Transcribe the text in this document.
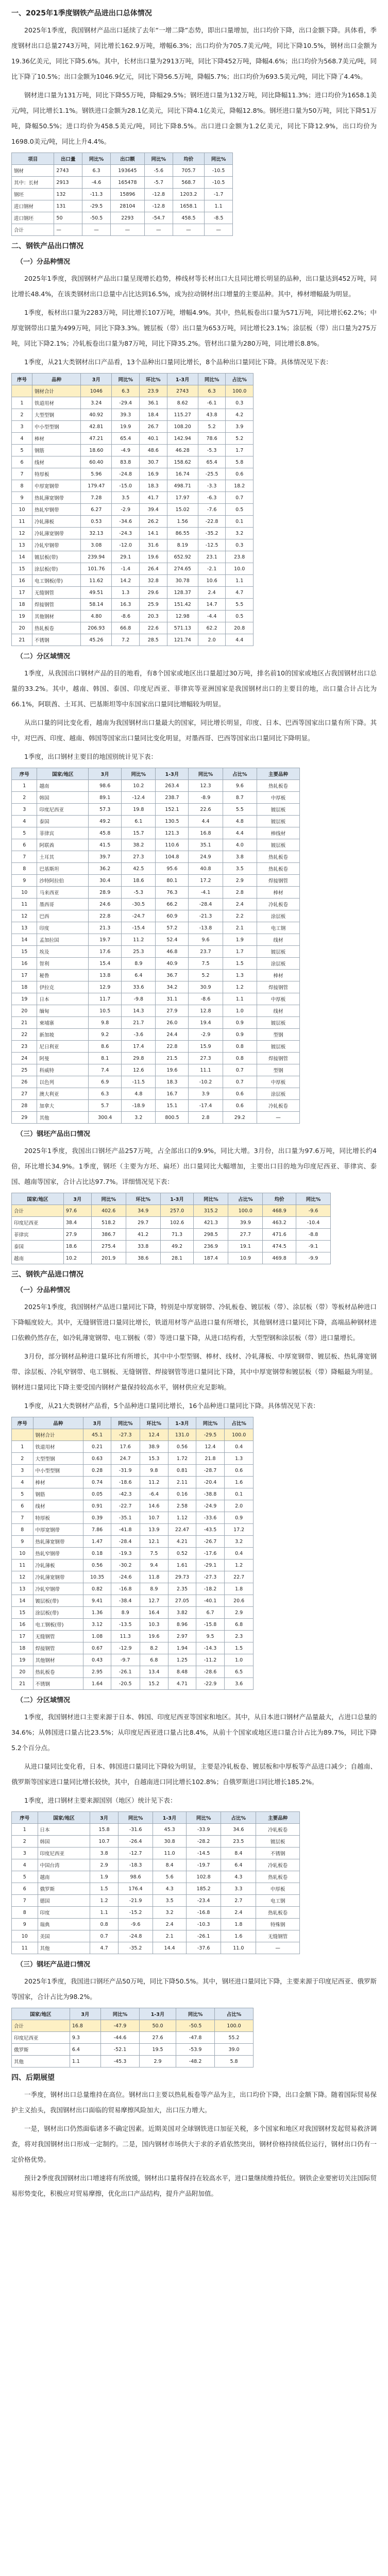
一、2025年1季度钢铁产品进出口总体情况

2025年1季度，我国钢材产品出口延续了去年“一增二降”态势，即出口量增加，出口均价下降，出口金额下降。具体看，季度钢材出口总量2743万吨，同比增长162.9万吨，增幅6.3%；出口均价为705.7美元/吨，同比下降10.5%，钢材出口金额为19.36亿美元，同比下降5.6%。其中，长材出口量为2913万吨，同比下降452万吨，降幅4.6%；出口均价为568.7美元/吨，同比下降了10.5%；出口金额为1046.9亿元，同比下降56.5万吨，降幅5.7%；出口均价为693.5美元/吨，同比下降了4.4%。

钢材进口量为131万吨，同比下降55万吨，降幅29.5%；钢坯进口量为132万吨，同比降幅11.3%；进口均价为1658.1美元/吨，同比增长1.1%。钢铁进口金额为28.1亿美元，同比下降4.1亿美元，降幅12.8%。钢坯进口量为50万吨，同比下降51万吨，降幅50.5%；进口均价为458.5美元/吨，同比下降8.5%。出口进口金额为1.2亿美元，同比下降12.9%，出口均价为1698.0美元/吨，同比上升4.4%。

项目	出口量	同比%	出口额	同比%	均价	同比%
钢材	2743	6.3	193645	-5.6	705.7	-10.5
其中：长材	2913	-4.6	165478	-5.7	568.7	-10.5
钢坯	132	-11.3	15896	-12.8	1203.2	-1.7
进口钢材	131	-29.5	28104	-12.8	1658.1	1.1
进口钢坯	50	-50.5	2293	-54.7	458.5	-8.5
合计	—	—	—	—	—	—
二、钢铁产品出口情况
（一）分品种情况

2025年1季度，我国钢材产品出口量呈现增长趋势，棒线材等长材出口大且同比增长明显的品种，出口量达到452万吨，同比增长48.4%，在该类钢材出口总量中占比达到16.5%，成为拉动钢材出口增量的主要品种。其中，棒材增幅最为明显。

1季度，板材出口量为2283万吨，同比增长107万吨，增幅4.9%。其中，热轧板卷出口量为571万吨，同比增长62.2%；中厚宽钢带出口量为499万吨，同比下降3.3%。镀层板（带）出口量为653万吨，同比增长23.1%；涂层板（带）出口量为275万吨，同比下降2.1%；冷轧板卷出口量为87万吨，同比下降35.2%。管材出口量为280万吨，同比增长8.8%。

1季度，从21大类钢材出口产品看，13个品种出口量同比增长，8个品种出口量同比下降。具体情况见下表：

序号	品种	3月	同比%	环比%	1-3月	同比%	占比%
	钢材合计	1046	6.3	23.9	2743	6.3	100.0
1	铁道用材	3.24	-29.4	36.1	8.62	-6.1	0.3
2	大型型钢	40.92	39.3	18.4	115.27	43.8	4.2
3	中小型型钢	42.81	19.9	26.7	108.20	5.2	3.9
4	棒材	47.21	65.4	40.1	142.94	78.6	5.2
5	钢筋	18.60	-4.9	48.6	46.28	-5.3	1.7
6	线材	60.40	83.8	30.7	158.62	65.4	5.8
7	特厚板	5.96	-24.8	16.9	16.74	-25.5	0.6
8	中厚宽钢带	179.47	-15.0	18.3	498.71	-3.3	18.2
9	热轧薄宽钢带	7.28	3.5	41.7	17.97	-6.3	0.7
10	热轧窄钢带	6.27	-2.9	39.4	15.02	-7.6	0.5
11	冷轧薄板	0.53	-34.6	26.2	1.56	-22.8	0.1
12	冷轧薄宽钢带	32.13	-24.3	14.1	86.55	-35.2	3.2
13	冷轧窄钢带	3.08	-12.0	31.6	8.19	-12.5	0.3
14	镀层板(带)	239.94	29.1	19.6	652.92	23.1	23.8
15	涂层板(带)	101.76	-1.4	26.4	274.65	-2.1	10.0
16	电工钢板(带)	11.62	14.2	32.8	30.78	10.6	1.1
17	无缝钢管	49.51	1.3	29.6	128.37	2.4	4.7
18	焊接钢管	58.14	16.3	25.9	151.42	14.7	5.5
19	其他钢材	4.80	-8.6	20.3	12.98	-4.4	0.5
20	热轧板卷	206.93	66.8	22.6	571.13	62.2	20.8
21	不锈钢	45.26	7.2	28.5	121.74	2.0	4.4
（二）分区域情况

1季度，从我国出口钢材产品的目的地看，有8个国家或地区出口量超过30万吨，排名前10的国家或地区占我国钢材出口总量的33.2%。其中，越南、韩国、泰国、印度尼西亚、菲律宾等亚洲国家是我国钢材出口的主要目的地，出口量合计占比为66.1%，阿联酋、土耳其、巴基斯坦等中东国家出口量同比增幅较为明显。

从出口量的同比变化看，越南为我国钢材出口量最大的国家，同比增长明显，印度、日本、巴西等国家出口量有所下降。其中，对巴西、印度、越南、韩国等国家出口量同比变化明显，对墨西哥、巴西等国家出口量同比下降明显。

1季度，出口钢材主要目的地国别统计见下表：

序号	国家/地区	3月	同比%	1-3月	同比%	占比%	主要品种
1	越南	98.6	10.2	263.4	12.3	9.6	热轧板卷
2	韩国	89.1	-12.4	238.7	-8.9	8.7	中厚板
3	印度尼西亚	57.3	19.8	152.1	22.6	5.5	镀层板
4	泰国	49.2	6.1	130.5	4.4	4.8	镀层板
5	菲律宾	45.8	15.7	121.3	16.8	4.4	棒线材
6	阿联酋	41.5	38.2	110.6	35.1	4.0	镀层板
7	土耳其	39.7	27.3	104.8	24.9	3.8	热轧板卷
8	巴基斯坦	36.2	42.5	95.6	40.8	3.5	热轧板卷
9	沙特阿拉伯	30.4	18.6	80.1	17.2	2.9	焊接钢管
10	马来西亚	28.9	-5.3	76.3	-4.1	2.8	棒材
11	墨西哥	24.6	-30.5	66.2	-28.4	2.4	冷轧板卷
12	巴西	22.8	-24.7	60.9	-21.3	2.2	涂层板
13	印度	21.3	-15.4	57.2	-13.8	2.1	电工钢
14	孟加拉国	19.7	11.2	52.4	9.6	1.9	线材
15	埃及	17.6	25.3	46.8	23.7	1.7	镀层板
16	智利	15.4	8.9	40.9	7.5	1.5	涂层板
17	秘鲁	13.8	6.4	36.7	5.2	1.3	棒材
18	伊拉克	12.9	33.6	34.2	30.9	1.2	焊接钢管
19	日本	11.7	-9.8	31.1	-8.6	1.1	中厚板
20	缅甸	10.5	14.3	27.9	12.8	1.0	线材
21	柬埔寨	9.8	21.7	26.0	19.4	0.9	镀层板
22	新加坡	9.2	-3.6	24.4	-2.9	0.9	型钢
23	尼日利亚	8.6	17.4	22.8	15.9	0.8	镀层板
24	阿曼	8.1	29.8	21.5	27.3	0.8	焊接钢管
25	科威特	7.4	12.6	19.6	11.1	0.7	型钢
26	以色列	6.9	-11.5	18.3	-10.2	0.7	中厚板
27	澳大利亚	6.3	4.8	16.7	3.9	0.6	涂层板
28	加拿大	5.7	-18.9	15.1	-17.4	0.6	冷轧板卷
29	其他	300.4	3.2	800.5	2.8	29.2	—
（三）钢坯产品出口情况

2025年1季度，我国出口钢坯产品257万吨，占全部出口的9.9%，同比大增。3月份，出口量为97.6万吨，同比增长约4倍，环比增长34.9%。1季度，钢坯（主要为方坯、扁坯）出口量同比大幅增加，主要出口目的地为印度尼西亚、菲律宾、泰国、越南等国家，合计占比达97.7%。详细情况见下表：

国家/地区	3月	同比%	环比%	1-3月	同比%	占比%	均价	同比%
合计	97.6	402.6	34.9	257.0	315.2	100.0	468.9	-9.6
印度尼西亚	38.4	518.2	29.7	102.6	421.3	39.9	463.2	-10.4
菲律宾	27.9	386.7	41.2	71.3	298.5	27.7	471.6	-8.8
泰国	18.6	275.4	33.8	49.2	236.9	19.1	474.5	-9.1
越南	10.2	201.9	38.6	28.1	187.4	10.9	469.8	-9.9
三、钢铁产品进口情况
（一）分品种情况

2025年1季度，我国钢材产品进口量同比下降，特别是中厚宽钢带、冷轧板卷、镀层板（带）、涂层板（带）等板材品种进口下降幅度较大。其中，无缝钢管进口量同比增长，铁道用材等产品进口量有所增长，其他钢材进口量同比下降，高端品种钢材进口依赖仍然存在，如冷轧薄宽钢带、电工钢板（带）等进口量下降，从进口结构看，大型型钢和涂层板（带）进口量增长。

3月份，部分钢材品种进口量环比有所增长，其中中小型型钢、棒材、线材、冷轧薄板、中厚宽钢带、镀层板、热轧薄宽钢带、涂层板、冷轧窄钢带、电工钢板、无缝钢管、焊接钢管等进口量同比下降，其中中厚宽钢带和镀层板（带）降幅最为明显。钢材进口量同比下降主要受国内钢材产量保持较高水平，钢材供应充足影响。

1季度，从21大类钢材产品看，5个品种进口量同比增长，16个品种进口量同比下降。具体情况见下表：

序号	品种	3月	同比%	环比%	1-3月	同比%	占比%
	钢材合计	45.1	-27.3	12.4	131.0	-29.5	100.0
1	铁道用材	0.21	17.6	38.9	0.56	12.4	0.4
2	大型型钢	0.63	24.7	15.3	1.72	21.8	1.3
3	中小型型钢	0.28	-31.9	9.8	0.81	-28.7	0.6
4	棒材	0.74	-18.6	11.2	2.11	-20.4	1.6
5	钢筋	0.05	-42.3	-6.4	0.16	-38.8	0.1
6	线材	0.91	-22.7	14.6	2.58	-24.9	2.0
7	特厚板	0.39	-35.1	10.7	1.12	-33.6	0.9
8	中厚宽钢带	7.86	-41.8	13.9	22.47	-43.5	17.2
9	热轧薄宽钢带	1.47	-28.4	12.1	4.21	-26.7	3.2
10	热轧窄钢带	0.18	-19.3	7.5	0.52	-17.6	0.4
11	冷轧薄板	0.56	-30.2	9.4	1.61	-29.1	1.2
12	冷轧薄宽钢带	10.35	-24.6	11.8	29.73	-27.3	22.7
13	冷轧窄钢带	0.82	-16.8	8.9	2.35	-18.2	1.8
14	镀层板(带)	9.41	-38.4	12.7	27.05	-40.1	20.6
15	涂层板(带)	1.36	8.9	16.4	3.82	6.7	2.9
16	电工钢板(带)	3.12	-13.5	10.3	8.96	-15.8	6.8
17	无缝钢管	1.08	11.3	19.6	2.97	9.5	2.3
18	焊接钢管	0.67	-12.9	8.2	1.94	-14.3	1.5
19	其他钢材	0.43	-9.7	6.8	1.25	-11.2	1.0
20	热轧板卷	2.95	-26.1	13.4	8.48	-28.6	6.5
21	不锈钢	1.64	-20.5	15.2	4.71	-22.9	3.6
（二）分区域情况

1季度，我国钢材进口主要来源于日本、韩国、印度尼西亚等国家和地区。其中，从日本进口钢材产品量最大，占进口总量的34.6%；从韩国进口量占比23.5%；从印度尼西亚进口量占比8.4%，从前十个国家或地区进口量合计占比为89.7%，同比下降5.2个百分点。

从进口量同比变化看，日本、韩国进口量同比下降较为明显，主要是冷轧板卷、镀层板和中厚板等产品进口减少；自越南、俄罗斯等国家进口量同比增长较快，其中，自越南进口同比增长102.8%；自俄罗斯进口同比增长185.2%。

1季度，进口钢材主要来源国别（地区）统计见下表：

序号	国家/地区	3月	同比%	1-3月	同比%	占比%	主要品种
1	日本	15.8	-31.6	45.3	-33.9	34.6	冷轧板卷
2	韩国	10.7	-26.4	30.8	-28.2	23.5	镀层板
3	印度尼西亚	3.8	-12.7	11.0	-14.5	8.4	不锈钢
4	中国台湾	2.9	-18.3	8.4	-19.7	6.4	冷轧板卷
5	越南	1.9	98.6	5.6	102.8	4.3	热轧板卷
6	俄罗斯	1.5	176.4	4.3	185.2	3.3	中厚板
7	德国	1.2	-21.9	3.5	-23.4	2.7	电工钢
8	印度	1.1	-15.2	3.2	-16.8	2.4	热轧板卷
9	瑞典	0.8	-9.6	2.4	-10.3	1.8	特殊钢
10	美国	0.7	-24.8	2.1	-26.1	1.6	无缝钢管
11	其他	4.7	-35.2	14.4	-37.6	11.0	—
（三）钢坯产品进口情况

2025年1季度，我国进口钢坯产品50万吨，同比下降50.5%。其中，钢坯进口量同比下降，主要来源于印度尼西亚、俄罗斯等国家，合计占比为98.2%。

国家/地区	3月	同比%	1-3月	同比%	占比%
合计	16.8	-47.9	50.0	-50.5	100.0
印度尼西亚	9.3	-44.6	27.6	-47.8	55.2
俄罗斯	6.4	-52.1	19.5	-53.9	39.0
其他	1.1	-45.3	2.9	-48.2	5.8
四、后期展望

一季度，钢材出口总量维持在高位。钢材出口主要以热轧板卷等产品为主，出口均价下降，出口金额下降。随着国际贸易保护主义抬头，我国钢材出口面临的贸易摩擦风险加大，出口压力增大。

一是，钢材出口仍然面临诸多不确定因素。近期美国对全球钢铁进口加征关税，多个国家和地区对我国钢材发起贸易救济调查，将对我国钢材出口形成一定制约。二是，国内钢材市场供大于求的矛盾依然突出，钢材价格持续低位运行，钢材出口仍有一定价格优势。

预计2季度我国钢材出口增速将有所放缓，钢材出口量将保持在较高水平，进口量继续维持低位。钢铁企业要密切关注国际贸易形势变化，积极应对贸易摩擦，优化出口产品结构，提升产品附加值。
